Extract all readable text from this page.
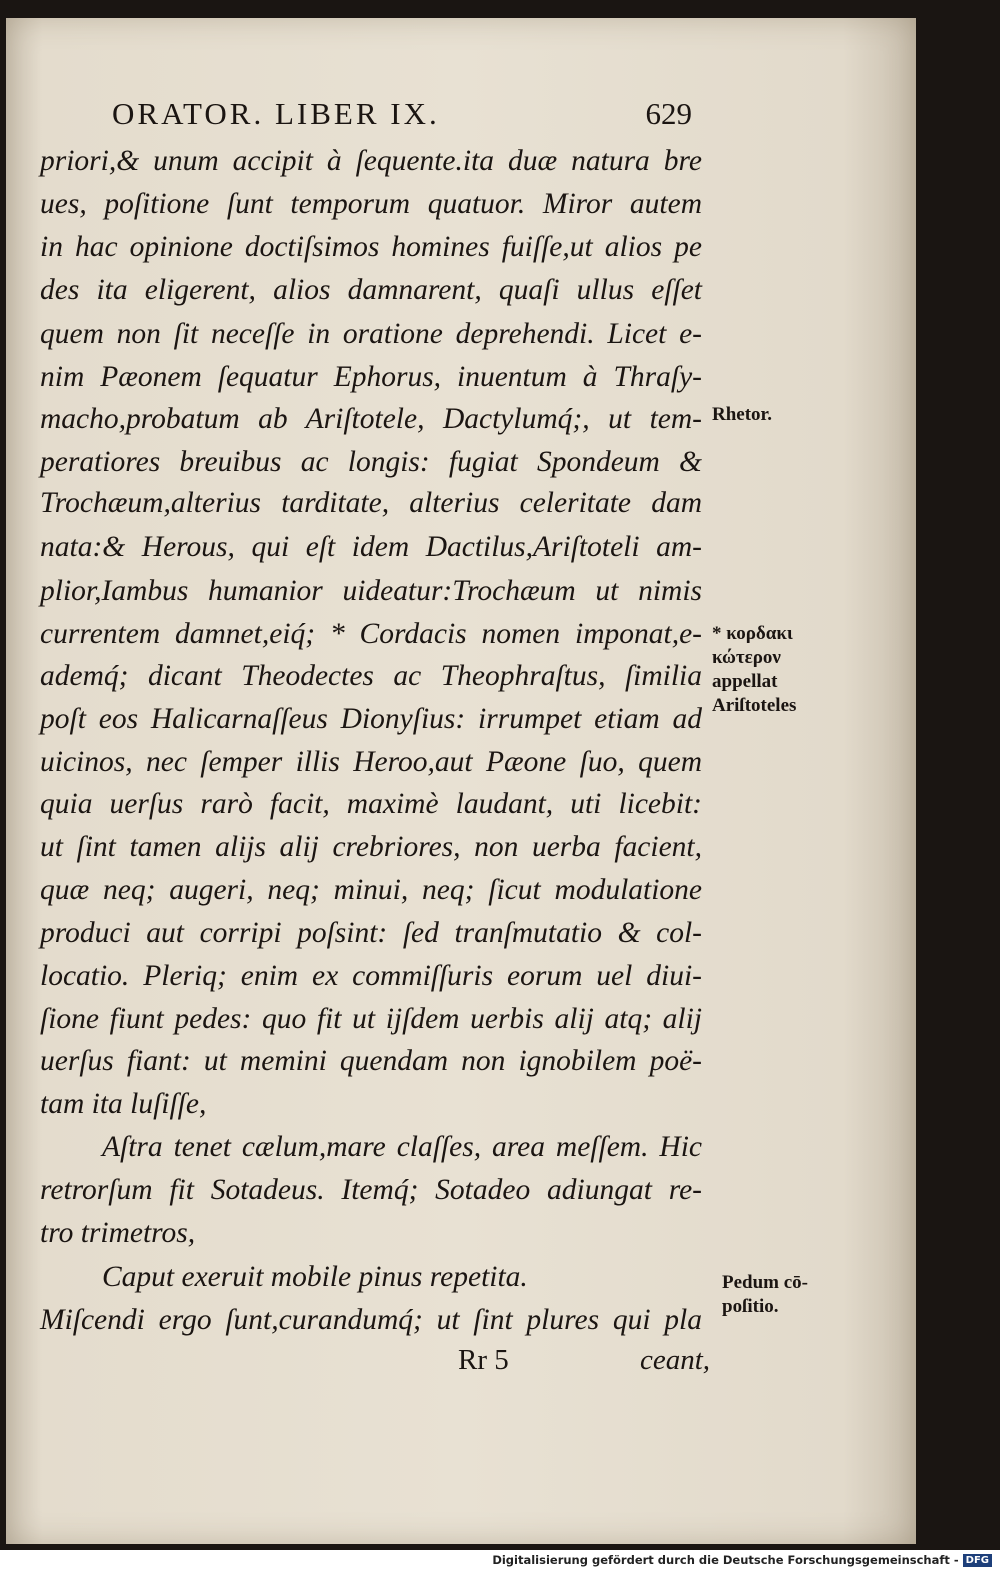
ORATOR. LIBER IX.	629
priori,& unum accipit à ſequente.ita duæ natura bre
ues, poſitione ſunt temporum quatuor. Miror autem
in hac opinione doctiſsimos homines fuiſſe,ut alios pe
des ita eligerent, alios damnarent, quaſi ullus eſſet
quem non ſit neceſſe in oratione deprehendi. Licet e-
nim Pæonem ſequatur Ephorus, inuentum à Thraſy-
macho,probatum ab Ariſtotele, Dactylumq́;, ut tem-
peratiores breuibus ac longis: fugiat Spondeum &
Trochæum,alterius tarditate, alterius celeritate dam
nata:& Herous, qui eſt idem Dactilus,Ariſtoteli am-
plior,Iambus humanior uideatur:Trochæum ut nimis
currentem damnet,eiq́; * Cordacis nomen imponat,e-
ademq́; dicant Theodectes ac Theophraſtus, ſimilia
poſt eos Halicarnaſſeus Dionyſius: irrumpet etiam ad
uicinos, nec ſemper illis Heroo,aut Pæone ſuo, quem
quia uerſus rarò facit, maximè laudant, uti licebit:
ut ſint tamen alijs alij crebriores, non uerba facient,
quæ neq; augeri, neq; minui, neq; ſicut modulatione
produci aut corripi poſsint: ſed tranſmutatio & col-
locatio. Pleriq; enim ex commiſſuris eorum uel diui-
ſione fiunt pedes: quo fit ut ijſdem uerbis alij atq; alij
uerſus fiant: ut memini quendam non ignobilem poë-
tam ita luſiſſe,
Aſtra tenet cælum,mare claſſes, area meſſem. Hic
retrorſum fit Sotadeus. Itemq́; Sotadeo adiungat re-
tro trimetros,
Caput exeruit mobile pinus repetita.
Miſcendi ergo ſunt,curandumq́; ut ſint plures qui pla
Rhetor.
* κορδακι
κώτερον
appellat
Ariſtoteles
Pedum cō-
poſitio.
Rr 5	ceant,
Digitalisierung gefördert durch die Deutsche Forschungsgemeinschaft - DFG
